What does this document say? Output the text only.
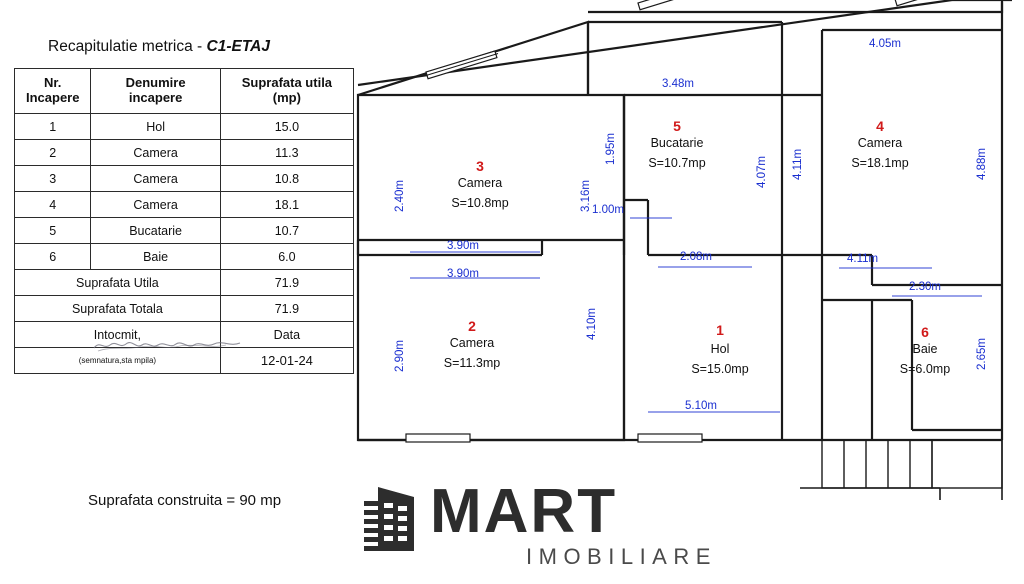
Recapitulatie metrica - C1-ETAJ
Nr.
Incapere

Denumire
incapere

Suprafata utila
(mp)

1	Hol	15.0
2	Camera	11.3
3	Camera	10.8
4	Camera	18.1
5	Bucatarie	10.7
6	Baie	6.0
Suprafata Utila		71.9
Suprafata Totala		71.9
Intocmit,		Data
(semnatura,sta mpila)		12-01-24
Suprafata construita = 90 mp MART
IMOBILIARE
3
Camera
S=10.8mp
2
Camera
S=11.3mp
5
Bucatarie
S=10.7mp
4
Camera
S=18.1mp
1
Hol
S=15.0mp
6
Baie
S=6.0mp
4.05m
3.48m
3.90m
3.90m
1.00m
2.08m	4.11m
2.30m
5.10m
2.40m
1.95m
3.16m
4.07m 4.11m	4.88m
4.10m
2.90m	2.65m
